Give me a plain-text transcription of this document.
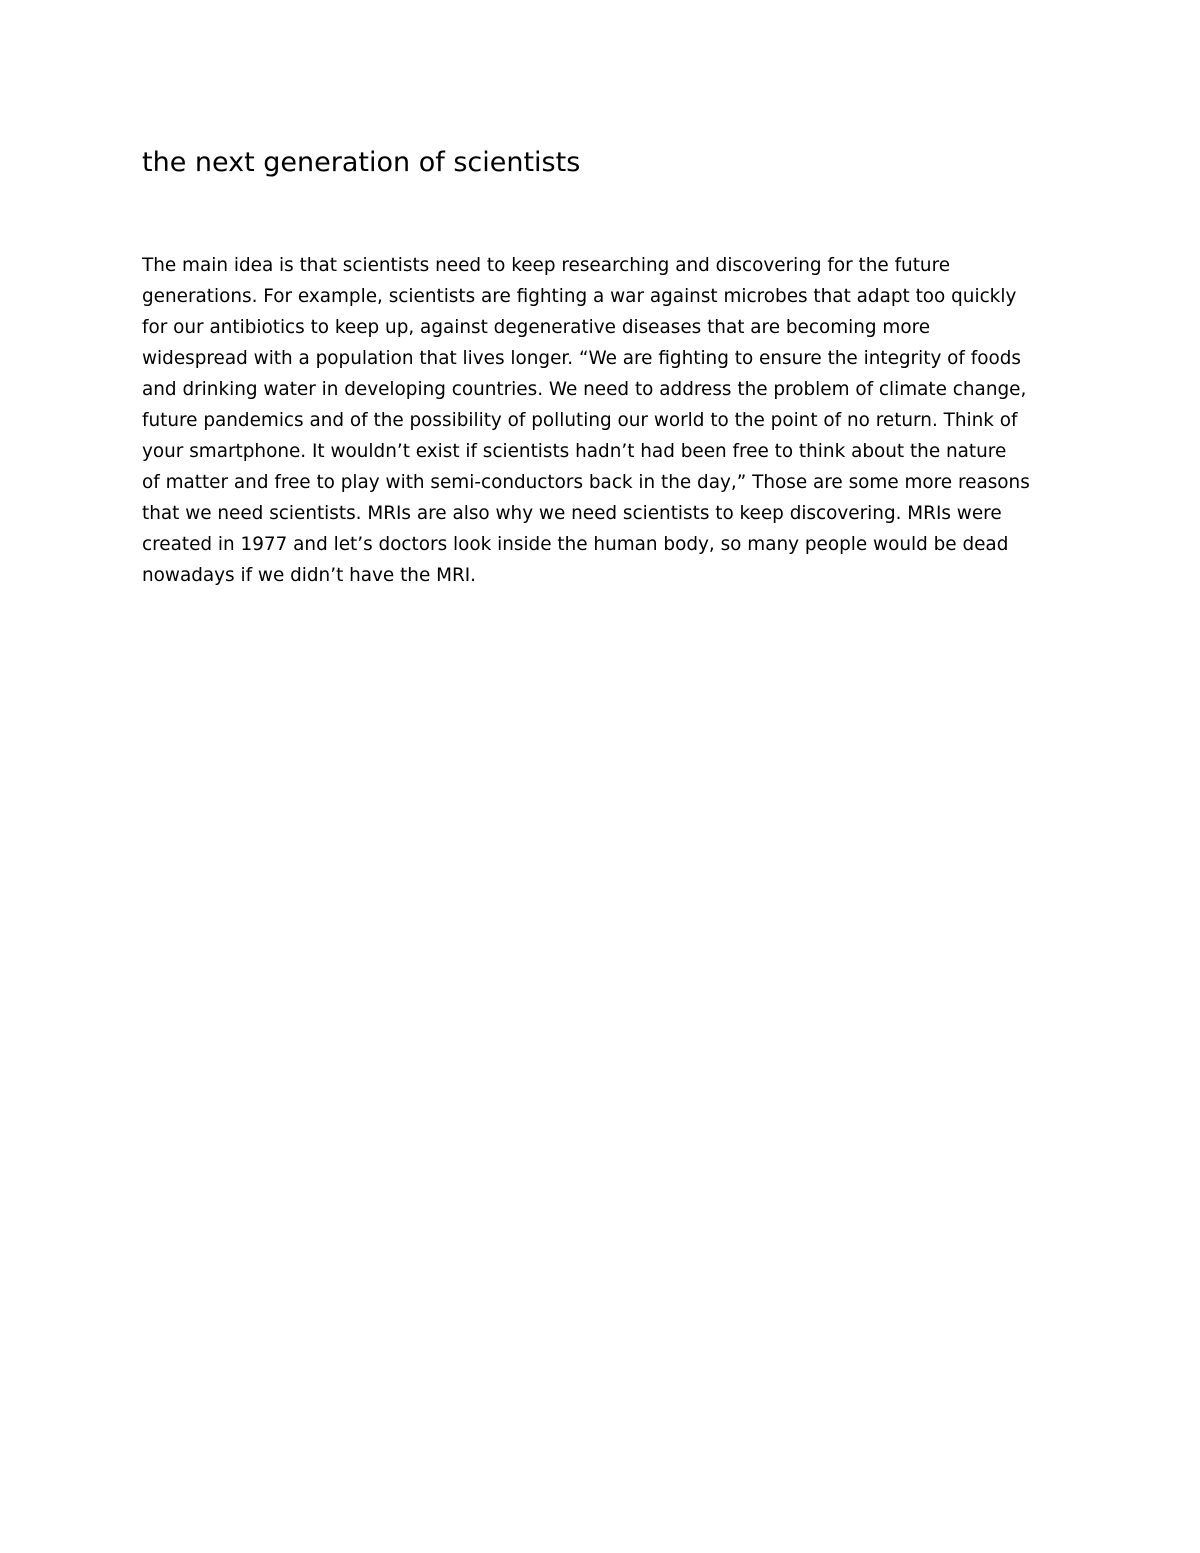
the next generation of scientists

The main idea is that scientists need to keep researching and discovering for the future
generations. For example, scientists are fighting a war against microbes that adapt too quickly
for our antibiotics to keep up, against degenerative diseases that are becoming more
widespread with a population that lives longer. “We are fighting to ensure the integrity of foods
and drinking water in developing countries. We need to address the problem of climate change,
future pandemics and of the possibility of polluting our world to the point of no return. Think of
your smartphone. It wouldn’t exist if scientists hadn’t had been free to think about the nature
of matter and free to play with semi-conductors back in the day,” Those are some more reasons
that we need scientists. MRIs are also why we need scientists to keep discovering. MRIs were
created in 1977 and let’s doctors look inside the human body, so many people would be dead
nowadays if we didn’t have the MRI.
